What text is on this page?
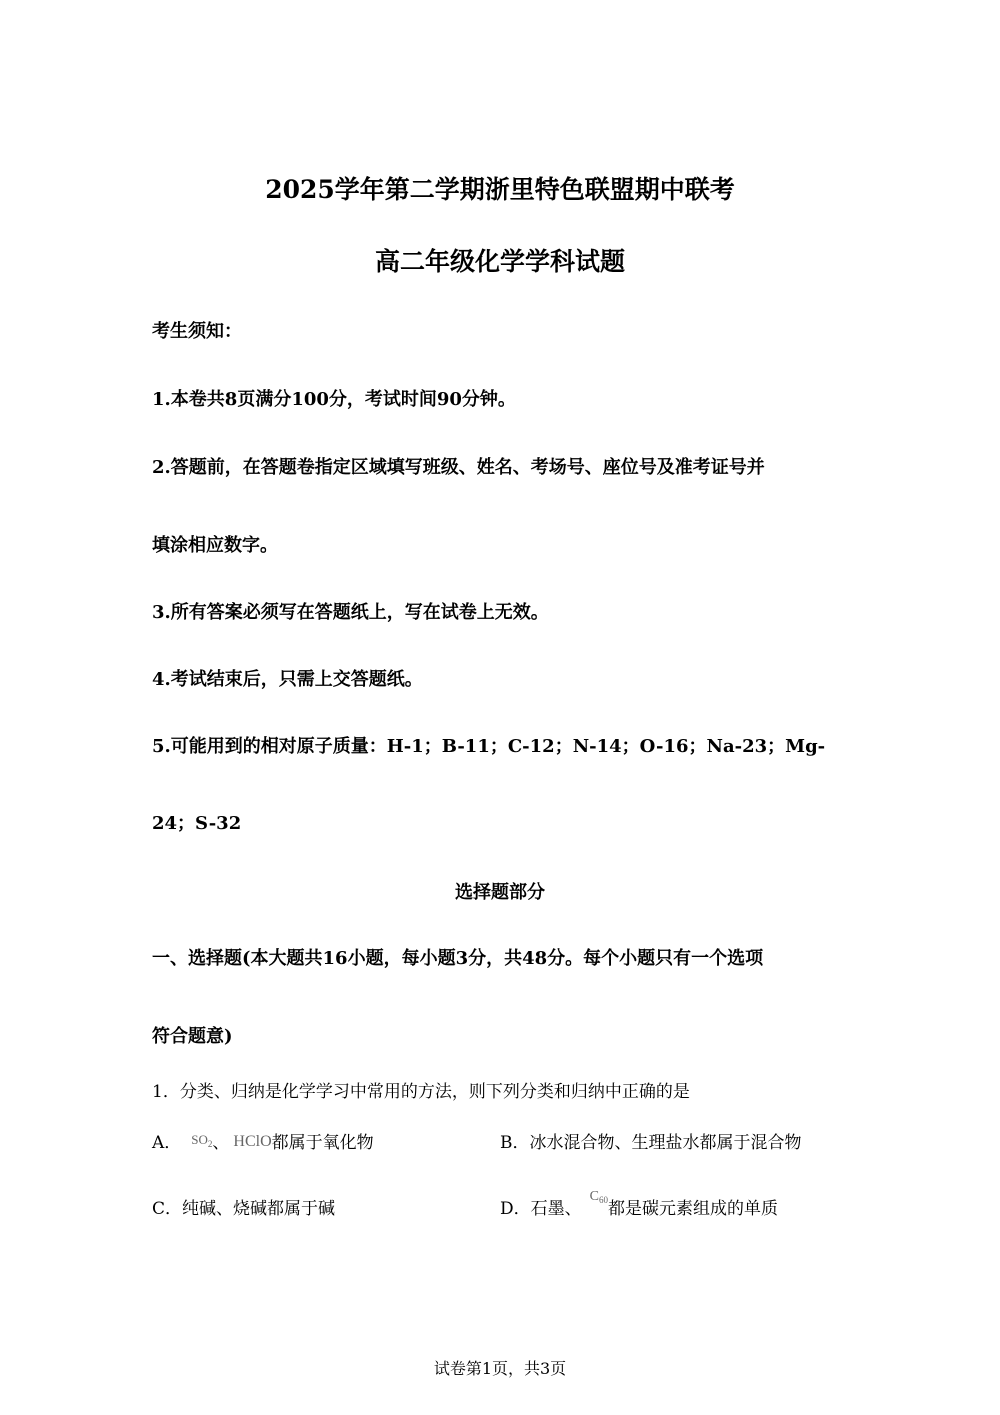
2025学年第二学期浙里特色联盟期中联考
高二年级化学学科试题
考生须知：
1.本卷共8页满分100分，考试时间90分钟。
2.答题前，在答题卷指定区域填写班级、姓名、考场号、座位号及准考证号并
填涂相应数字。
3.所有答案必须写在答题纸上，写在试卷上无效。
4.考试结束后，只需上交答题纸。
5.可能用到的相对原子质量：H-1；B-11；C-12；N-14；O-16；Na-23；Mg-
24；S-32
选择题部分
一、选择题(本大题共16小题，每小题3分，共48分。每个小题只有一个选项
符合题意)
1．分类、归纳是化学学习中常用的方法，则下列分类和归纳中正确的是
A． $^{SO_2}$、 HClO都属于氧化物	B．冰水混合物、生理盐水都属于混合物
C．纯碱、烧碱都属于碱	D．石墨、$^{C_{60}}$都是碳元素组成的单质
试卷第1页，共3页
